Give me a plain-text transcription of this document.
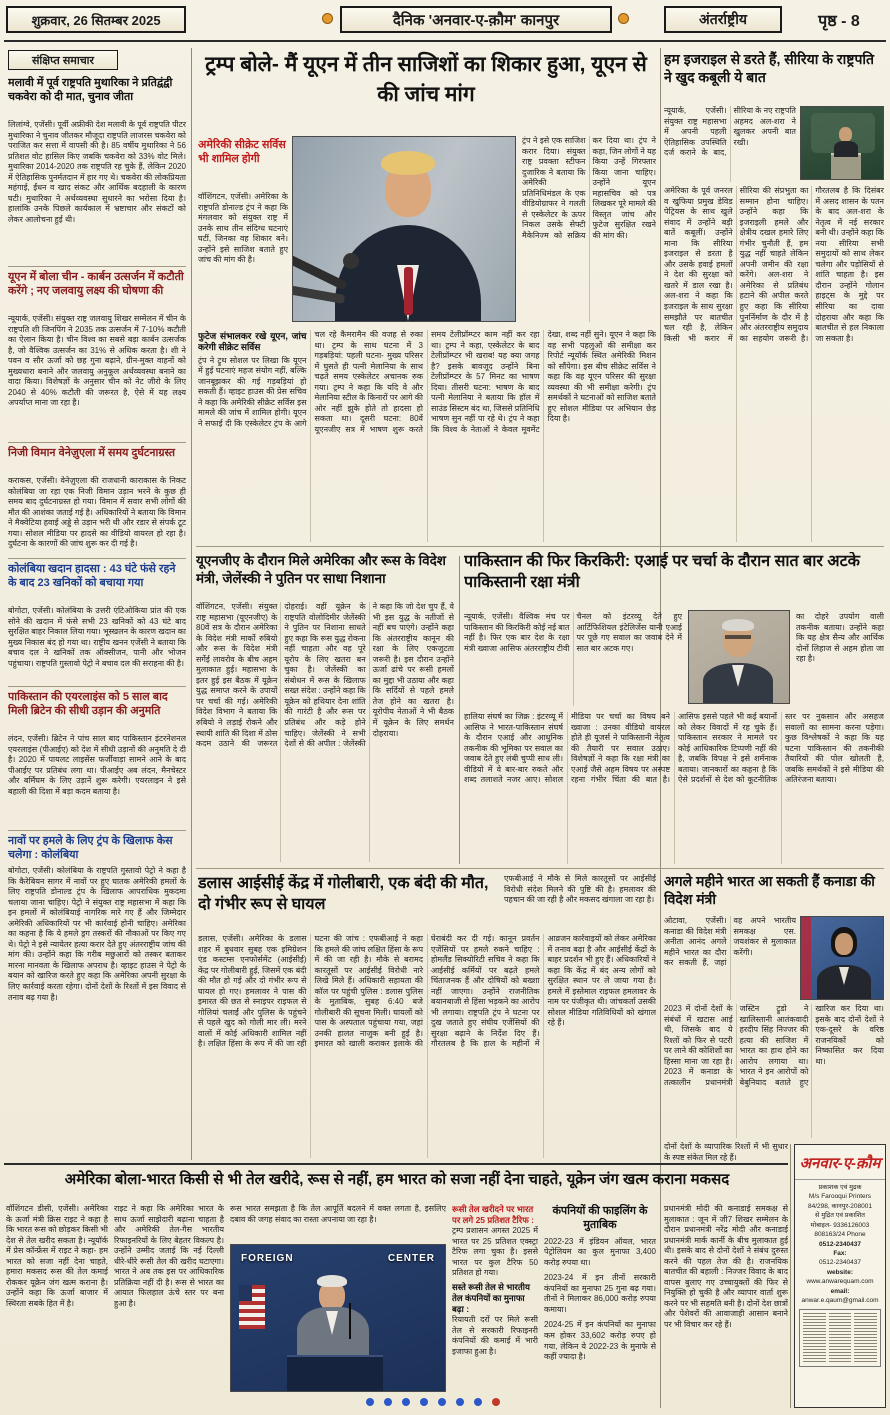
शुक्रवार, 26 सितम्बर 2025	दैनिक 'अनवार-ए-क़ौम' कानपुर	अंतर्राष्ट्रीय	पृष्ठ - 8
संक्षिप्त समाचार
मलावी में पूर्व राष्ट्रपति मुथारिका ने प्रतिद्वंद्वी चकवेरा को दी मात, चुनाव जीता
लिलांग्वे, एजेंसी। पूर्वी अफ्रीकी देश मलावी के पूर्व राष्ट्रपति पीटर मुथारिका ने चुनाव जीतकर मौजूदा राष्ट्रपति लाजरस चकवेरा को पराजित कर सत्ता में वापसी की है। 85 वर्षीय मुथारिका ने 56 प्रतिशत वोट हासिल किए जबकि चकवेरा को 33% वोट मिले। मुथारिका 2014-2020 तक राष्ट्रपति रह चुके हैं, लेकिन 2020 में ऐतिहासिक पुनर्मतदान में हार गए थे। चकवेरा की लोकप्रियता महंगाई, ईंधन व खाद संकट और आर्थिक बदहाली के कारण घटी। मुथारिका ने अर्थव्यवस्था सुधारने का भरोसा दिया है। हालांकि उनके पिछले कार्यकाल में भ्रष्टाचार और संकटों को लेकर आलोचना हुई थी।
यूएन में बोला चीन - कार्बन उत्सर्जन में कटौती करेंगे ; नए जलवायु लक्ष्य की घोषणा की
न्यूयार्क, एजेंसी। संयुक्त राष्ट्र जलवायु शिखर सम्मेलन में चीन के राष्ट्रपति शी जिनपिंग ने 2035 तक उत्सर्जन में 7-10% कटौती का ऐलान किया है। चीन विश्व का सबसे बड़ा कार्बन उत्सर्जक है, जो वैश्विक उत्सर्जन का 31% से अधिक करता है। शी ने पवन व सौर ऊर्जा को छह गुना बढ़ाने, ग्रीन-मुक्त वाहनों को मुख्यधारा बनाने और जलवायु अनुकूल अर्थव्यवस्था बनाने का वादा किया। विशेषज्ञों के अनुसार चीन को नेट जीरो के लिए 2040 से 40% कटौती की जरूरत है, ऐसे में यह लक्ष्य अपर्याप्त माना जा रहा है।
निजी विमान वेनेज़ुएला में समय दुर्घटनाग्रस्त
कराकस, एजेंसी। वेनेज़ुएला की राजधानी काराकास के निकट कोलंबिया जा रहा एक निजी विमान उड़ान भरने के कुछ ही समय बाद दुर्घटनाग्रस्त हो गया। विमान में सवार सभी लोगों की मौत की आशंका जताई गई है। अधिकारियों ने बताया कि विमान ने मैक्वेटिया हवाई अड्डे से उड़ान भरी थी और रडार से संपर्क टूट गया। सोशल मीडिया पर हादसे का वीडियो वायरल हो रहा है। दुर्घटना के कारणों की जांच शुरू कर दी गई है।
कोलंबिया खदान हादसा : 43 घंटे फंसे रहने के बाद 23 खनिकों को बचाया गया
बोगोटा, एजेंसी। कोलंबिया के उत्तरी एंटिओकिया प्रांत की एक सोने की खदान में फंसे सभी 23 खनिकों को 43 घंटे बाद सुरक्षित बाहर निकाल लिया गया। भूस्खलन के कारण खदान का मुख्य निकास बंद हो गया था। राष्ट्रीय खनन एजेंसी ने बताया कि बचाव दल ने खनिकों तक ऑक्सीजन, पानी और भोजन पहुंचाया। राष्ट्रपति गुस्तावो पेट्रो ने बचाव दल की सराहना की है।
पाकिस्तान की एयरलाइंस को 5 साल बाद मिली ब्रिटेन की सीधी उड़ान की अनुमति
लंदन, एजेंसी। ब्रिटेन ने पांच साल बाद पाकिस्तान इंटरनेशनल एयरलाइंस (पीआईए) को देश में सीधी उड़ानों की अनुमति दे दी है। 2020 में पायलट लाइसेंस फर्जीवाड़ा सामने आने के बाद पीआईए पर प्रतिबंध लगा था। पीआईए अब लंदन, मैनचेस्टर और बर्मिंघम के लिए उड़ानें शुरू करेगी। एयरलाइन ने इसे बहाली की दिशा में बड़ा कदम बताया है।
नावों पर हमले के लिए ट्रंप के खिलाफ केस चलेगा : कोलंबिया
बोगोटा, एजेंसी। कोलंबिया के राष्ट्रपति गुस्तावो पेट्रो ने कहा है कि कैरेबियन सागर में नावों पर हुए घातक अमेरिकी हमलों के लिए राष्ट्रपति डोनाल्ड ट्रंप के खिलाफ आपराधिक मुकदमा चलाया जाना चाहिए। पेट्रो ने संयुक्त राष्ट्र महासभा में कहा कि इन हमलों में कोलंबियाई नागरिक मारे गए हैं और जिम्मेदार अमेरिकी अधिकारियों पर भी कार्रवाई होनी चाहिए। अमेरिका का कहना है कि ये हमले ड्रग तस्करों की नौकाओं पर किए गए थे। पेट्रो ने इसे न्यायेतर हत्या करार देते हुए अंतरराष्ट्रीय जांच की मांग की। उन्होंने कहा कि गरीब मछुआरों को तस्कर बताकर मारना मानवता के खिलाफ अपराध है। व्हाइट हाउस ने पेट्रो के बयान को खारिज करते हुए कहा कि अमेरिका अपनी सुरक्षा के लिए कार्रवाई करता रहेगा। दोनों देशों के रिश्तों में इस विवाद से तनाव बढ़ गया है।
ट्रम्प बोले- मैं यूएन में तीन साजिशों का शिकार हुआ, यूएन से की जांच मांग
अमेरिकी सीक्रेट सर्विस भी शामिल होगी
वॉशिंगटन, एजेंसी। अमेरिका के राष्ट्रपति डोनाल्ड ट्रंप ने कहा कि मंगलवार को संयुक्त राष्ट्र में उनके साथ तीन संदिग्ध घटनाएं घटीं, जिनका वह शिकार बने। उन्होंने इसे साजिश बताते हुए जांच की मांग की है।
ट्रंप ने इसे एक साजिश करार दिया। संयुक्त राष्ट्र प्रवक्ता स्टीफन दुजारिक ने बताया कि अमेरिकी प्रतिनिधिमंडल के एक वीडियोग्राफर ने गलती से एस्केलेटर के ऊपर निकल उसके सेफ्टी मैकेनिज्म को सक्रिय कर दिया था। ट्रंप ने कहा, जिन लोगों ने यह किया उन्हें गिरफ्तार किया जाना चाहिए। उन्होंने यूएन महासचिव को पत्र लिखकर पूरे मामले की विस्तृत जांच और फुटेज सुरक्षित रखने की मांग की।
फुटेज संभालकर रखे यूएन, जांच करेगी सीक्रेट सर्विस
ट्रंप ने ट्रुथ सोशल पर लिखा कि यूएन में हुई घटनाएं महज संयोग नहीं, बल्कि जानबूझकर की गई गड़बड़ियां हो सकती हैं। व्हाइट हाउस की प्रेस सचिव ने कहा कि अमेरिकी सीक्रेट सर्विस इस मामले की जांच में शामिल होगी। यूएन ने सफाई दी कि एस्केलेटर ट्रंप के आगे चल रहे कैमरामैन की वजह से रुका था। ट्रम्प के साथ घटना में 3 गड़बड़ियां: पहली घटना- मुख्य परिसर में घुसते ही पत्नी मेलानिया के साथ चढ़ते समय एस्केलेटर अचानक रुक गया। ट्रम्प ने कहा कि यदि वे और मेलानिया स्टील के किनारों पर आगे की ओर नहीं झुके होते तो हादसा हो सकता था। दूसरी घटना: 80वें यूएनजीए सत्र में भाषण शुरू करते समय टेलीप्रॉम्प्टर काम नहीं कर रहा था। ट्रम्प ने कहा, एस्केलेटर के बाद टेलीप्रॉम्प्टर भी खराब! यह क्या जगह है? इसके बावजूद उन्होंने बिना टेलीप्रॉम्प्टर के 57 मिनट का भाषण दिया। तीसरी घटना: भाषण के बाद पत्नी मेलानिया ने बताया कि हॉल में साउंड सिस्टम बंद था, जिससे प्रतिनिधि भाषण सुन नहीं पा रहे थे। ट्रंप ने कहा कि विश्व के नेताओं ने केवल मूवमेंट देखा, शब्द नहीं सुने। यूएन ने कहा कि वह सभी पहलुओं की समीक्षा कर रिपोर्ट न्यूयॉर्क स्थित अमेरिकी मिशन को सौंपेगा। इस बीच सीक्रेट सर्विस ने कहा कि वह यूएन परिसर की सुरक्षा व्यवस्था की भी समीक्षा करेगी। ट्रंप समर्थकों ने घटनाओं को साजिश बताते हुए सोशल मीडिया पर अभियान छेड़ दिया है।
हम इजराइल से डरते हैं, सीरिया के राष्ट्रपति ने खुद कबूली ये बात
न्यूयार्क, एजेंसी। संयुक्त राष्ट्र महासभा में अपनी पहली ऐतिहासिक उपस्थिति दर्ज कराने के बाद, सीरिया के नए राष्ट्रपति अहमद अल-शरा ने खुलकर अपनी बात रखी।
अमेरिका के पूर्व जनरल व खुफिया प्रमुख डेविड पेट्रियस के साथ खुले संवाद में उन्होंने बड़ी बातें कबूलीं। उन्होंने माना कि सीरिया इजराइल से डरता है और उसके हवाई हमलों ने देश की सुरक्षा को खतरे में डाल रखा है। अल-शरा ने कहा कि इजराइल के साथ सुरक्षा समझौते पर बातचीत चल रही है, लेकिन किसी भी करार में सीरिया की संप्रभुता का सम्मान होना चाहिए। उन्होंने कहा कि इजराइली हमले और क्षेत्रीय दखल हमारे लिए गंभीर चुनौती हैं, हम युद्ध नहीं चाहते लेकिन अपनी जमीन की रक्षा करेंगे। अल-शरा ने अमेरिका से प्रतिबंध हटाने की अपील करते हुए कहा कि सीरिया पुनर्निर्माण के दौर में है और अंतरराष्ट्रीय समुदाय का सहयोग जरूरी है। गौरतलब है कि दिसंबर में असद शासन के पतन के बाद अल-शरा के नेतृत्व में नई सरकार बनी थी। उन्होंने कहा कि नया सीरिया सभी समुदायों को साथ लेकर चलेगा और पड़ोसियों से शांति चाहता है। इस दौरान उन्होंने गोलान हाइट्स के मुद्दे पर सीरिया का दावा दोहराया और कहा कि बातचीत से हल निकाला जा सकता है।
यूएनजीए के दौरान मिले अमेरिका और रूस के विदेश मंत्री, जेलेंस्की ने पुतिन पर साधा निशाना
वॉशिंगटन, एजेंसी। संयुक्त राष्ट्र महासभा (यूएनजीए) के 80वें सत्र के दौरान अमेरिका के विदेश मंत्री मार्को रुबियो और रूस के विदेश मंत्री सर्गेई लावरोव के बीच अहम मुलाकात हुई। महासभा के इतर हुई इस बैठक में यूक्रेन युद्ध समाप्त करने के उपायों पर चर्चा की गई। अमेरिकी विदेश विभाग ने बताया कि रुबियो ने लड़ाई रोकने और स्थायी शांति की दिशा में ठोस कदम उठाने की जरूरत दोहराई। वहीं यूक्रेन के राष्ट्रपति वोलोदिमीर जेलेंस्की ने पुतिन पर निशाना साधते हुए कहा कि रूस युद्ध रोकना नहीं चाहता और वह पूरे यूरोप के लिए खतरा बन चुका है। जेलेंस्की का संबोधन में रूस के खिलाफ सख्त संदेश : उन्होंने कहा कि यूक्रेन को हथियार देना शांति की गारंटी है और रूस पर प्रतिबंध और कड़े होने चाहिए। जेलेंस्की ने सभी देशों से की अपील : जेलेंस्की ने कहा कि जो देश चुप हैं, वे भी इस युद्ध के नतीजों से नहीं बच पाएंगे। उन्होंने कहा कि अंतरराष्ट्रीय कानून की रक्षा के लिए एकजुटता जरूरी है। इस दौरान उन्होंने ऊर्जा ढांचे पर रूसी हमलों का मुद्दा भी उठाया और कहा कि सर्दियों से पहले हमले तेज होने का खतरा है। यूरोपीय नेताओं ने भी बैठक में यूक्रेन के लिए समर्थन दोहराया।
पाकिस्तान की फिर किरकिरी: एआई पर चर्चा के दौरान सात बार अटके पाकिस्तानी रक्षा मंत्री
न्यूयार्क, एजेंसी। वैश्विक मंच पर पाकिस्तान की किरकिरी कोई नई बात नहीं है। फिर एक बार देश के रक्षा मंत्री ख्वाजा आसिफ अंतरराष्ट्रीय टीवी चैनल को इंटरव्यू देते हुए आर्टिफिशियल इंटेलिजेंस यानी एआई पर पूछे गए सवाल का जवाब देने में सात बार अटक गए।
का दोहरे उपयोग वाली तकनीक बताया। उन्होंने कहा कि यह क्षेत्र सैन्य और आर्थिक दोनों लिहाज से अहम होता जा रहा है।
हालिया संघर्ष का जिक्र : इंटरव्यू में आसिफ ने भारत-पाकिस्तान संघर्ष के दौरान एआई और आधुनिक तकनीक की भूमिका पर सवाल का जवाब देते हुए लंबी चुप्पी साध ली। वीडियो में वे बार-बार रुकते और शब्द तलाशते नजर आए। सोशल मीडिया पर चर्चा का विषय बने ख्वाजा : उनका वीडियो वायरल होते ही यूजर्स ने पाकिस्तानी नेतृत्व की तैयारी पर सवाल उठाए। विशेषज्ञों ने कहा कि रक्षा मंत्री का एआई जैसे अहम विषय पर अस्पष्ट रहना गंभीर चिंता की बात है। आसिफ इससे पहले भी कई बयानों को लेकर विवादों में रह चुके हैं। पाकिस्तान सरकार ने मामले पर कोई आधिकारिक टिप्पणी नहीं की है, जबकि विपक्ष ने इसे शर्मनाक बताया। जानकारों का कहना है कि ऐसे प्रदर्शनों से देश को कूटनीतिक स्तर पर नुकसान और असहज सवालों का सामना करना पड़ेगा। कुछ विश्लेषकों ने कहा कि यह घटना पाकिस्तान की तकनीकी तैयारियों की पोल खोलती है, जबकि समर्थकों ने इसे मीडिया की अतिरंजना बताया।
डलास आईसीई केंद्र में गोलीबारी, एक बंदी की मौत, दो गंभीर रूप से घायल
एफबीआई ने मौके से मिले कारतूसों पर आईसीई विरोधी संदेश मिलने की पुष्टि की है। हमलावर की पहचान की जा रही है और मकसद खंगाला जा रहा है।
डलास, एजेंसी। अमेरिका के डलास शहर में बुधवार सुबह एक इमिग्रेशन एंड कस्टम्स एनफोर्समेंट (आईसीई) केंद्र पर गोलीबारी हुई, जिसमें एक बंदी की मौत हो गई और दो गंभीर रूप से घायल हो गए। हमलावर ने पास की इमारत की छत से स्नाइपर राइफल से गोलियां चलाईं और पुलिस के पहुंचने से पहले खुद को गोली मार ली। मरने वालों में कोई अधिकारी शामिल नहीं है। लक्षित हिंसा के रूप में की जा रही घटना की जांच : एफबीआई ने कहा कि हमले की जांच लक्षित हिंसा के रूप में की जा रही है। मौके से बरामद कारतूसों पर आईसीई विरोधी नारे लिखे मिले हैं। अधिकारी सहायता की कॉल पर पहुंची पुलिस : डलास पुलिस के मुताबिक, सुबह 6:40 बजे गोलीबारी की सूचना मिली। घायलों को पास के अस्पताल पहुंचाया गया, जहां उनकी हालत नाजुक बनी हुई है। इमारत को खाली कराकर इलाके की घेराबंदी कर दी गई। कानून प्रवर्तन एजेंसियों पर हमले रुकने चाहिए : होमलैंड सिक्योरिटी सचिव ने कहा कि आईसीई कर्मियों पर बढ़ते हमले चिंताजनक हैं और दोषियों को बख्शा नहीं जाएगा। उन्होंने राजनीतिक बयानबाजी से हिंसा भड़कने का आरोप भी लगाया। राष्ट्रपति ट्रंप ने घटना पर दुख जताते हुए संघीय एजेंसियों की सुरक्षा बढ़ाने के निर्देश दिए हैं। गौरतलब है कि हाल के महीनों में आव्रजन कार्रवाइयों को लेकर अमेरिका में तनाव बढ़ा है और आईसीई केंद्रों के बाहर प्रदर्शन भी हुए हैं। अधिकारियों ने कहा कि केंद्र में बंद अन्य लोगों को सुरक्षित स्थान पर ले जाया गया है। हमले में इस्तेमाल राइफल हमलावर के नाम पर पंजीकृत थी। जांचकर्ता उसकी सोशल मीडिया गतिविधियों को खंगाल रहे हैं।
अगले महीने भारत आ सकती हैं कनाडा की विदेश मंत्री
ओटावा, एजेंसी। कनाडा की विदेश मंत्री अनीता आनंद अगले महीने भारत का दौरा कर सकती हैं, जहां वह अपने भारतीय समकक्ष एस. जयशंकर से मुलाकात करेंगी।
2023 में दोनों देशों के संबंधों में खटास आई थी, जिसके बाद ये रिश्तों को फिर से पटरी पर लाने की कोशिशों का हिस्सा माना जा रहा है। 2023 में कनाडा के तत्कालीन प्रधानमंत्री जस्टिन ट्रूडो ने खालिस्तानी आतंकवादी हरदीप सिंह निज्जर की हत्या की साजिश में भारत का हाथ होने का आरोप लगाया था। भारत ने इन आरोपों को बेबुनियाद बताते हुए खारिज कर दिया था। इसके बाद दोनों देशों ने एक-दूसरे के वरिष्ठ राजनयिकों को निष्कासित कर दिया था।
दोनों देशों के व्यापारिक रिश्तों में भी सुधार के स्पष्ट संकेत मिल रहे हैं।
प्रधानमंत्री मोदी की कनाडाई समकक्ष से मुलाकात : जून में जी7 शिखर सम्मेलन के दौरान प्रधानमंत्री नरेंद्र मोदी और कनाडाई प्रधानमंत्री मार्क कार्नी के बीच मुलाकात हुई थी। इसके बाद से दोनों देशों ने संबंध दुरुस्त करने की पहल तेज की है। राजनयिक बातचीत की बहाली : निज्जर विवाद के बाद वापस बुलाए गए उच्चायुक्तों की फिर से नियुक्ति हो चुकी है और व्यापार वार्ता शुरू करने पर भी सहमति बनी है। दोनों देश छात्रों और पेशेवरों की आवाजाही आसान बनाने पर भी विचार कर रहे हैं।
अनवार-ए-क़ौम
प्रकाशक एवं मुद्रक
M/s Farooqui Printers
84/298, कानपुर-208001
से मुद्रित एवं प्रकाशित
मोबाइल- 9336126003
808163/24 Phone
0512-2340437
Fax:
0512-2340437
website:
www.anwarequam.com
email:
anwar.e.qaum@gmail.com
अमेरिका बोला-भारत किसी से भी तेल खरीदे, रूस से नहीं, हम भारत को सजा नहीं देना चाहते, यूक्रेन जंग खत्म कराना मकसद
वॉशिंगटन डीसी, एजेंसी। अमेरिका के ऊर्जा मंत्री क्रिस राइट ने कहा है कि भारत रूस को छोड़कर किसी भी देश से तेल खरीद सकता है। न्यूयॉर्क में प्रेस कॉन्फ्रेंस में राइट ने कहा- हम भारत को सजा नहीं देना चाहते, हमारा मकसद रूस की तेल कमाई रोककर यूक्रेन जंग खत्म कराना है। उन्होंने कहा कि ऊर्जा बाजार में स्थिरता सबके हित में है।
राइट ने कहा कि अमेरिका भारत के साथ ऊर्जा साझेदारी बढ़ाना चाहता है और अमेरिकी तेल-गैस भारतीय रिफाइनरियों के लिए बेहतर विकल्प है। उन्होंने उम्मीद जताई कि नई दिल्ली धीरे-धीरे रूसी तेल की खरीद घटाएगा। भारत ने अब तक इस पर आधिकारिक प्रतिक्रिया नहीं दी है। रूस से भारत का आयात फिलहाल ऊंचे स्तर पर बना हुआ है।
रूस भारत समझता है कि तेल आपूर्ति बदलने में वक्त लगता है, इसलिए दबाव की जगह संवाद का रास्ता अपनाया जा रहा है।
FOREIGN	CENTER
रूसी तेल खरीदने पर भारत पर लगे 25 प्रतिशत टैरिफ :
ट्रम्प प्रशासन अगस्त 2025 में भारत पर 25 प्रतिशत एक्स्ट्रा टैरिफ लगा चुका है। इससे भारत पर कुल टैरिफ 50 प्रतिशत हो गया।
सस्ते रूसी तेल से भारतीय तेल कंपनियों का मुनाफा बढ़ा :
रियायती दरों पर मिले रूसी तेल से सरकारी रिफाइनरी कंपनियों की कमाई में भारी इजाफा हुआ है।
कंपनियों की फाइलिंग के मुताबिक
2022-23 में इंडियन ऑयल, भारत पेट्रोलियम का कुल मुनाफा 3,400 करोड़ रुपया था।
2023-24 में इन तीनों सरकारी कंपनियों का मुनाफा 25 गुना बढ़ गया। तीनों ने मिलाकर 86,000 करोड़ रुपया कमाया।
2024-25 में इन कंपनियों का मुनाफा कम होकर 33,602 करोड़ रुपए हो गया, लेकिन ये 2022-23 के मुनाफे से कहीं ज्यादा है।
